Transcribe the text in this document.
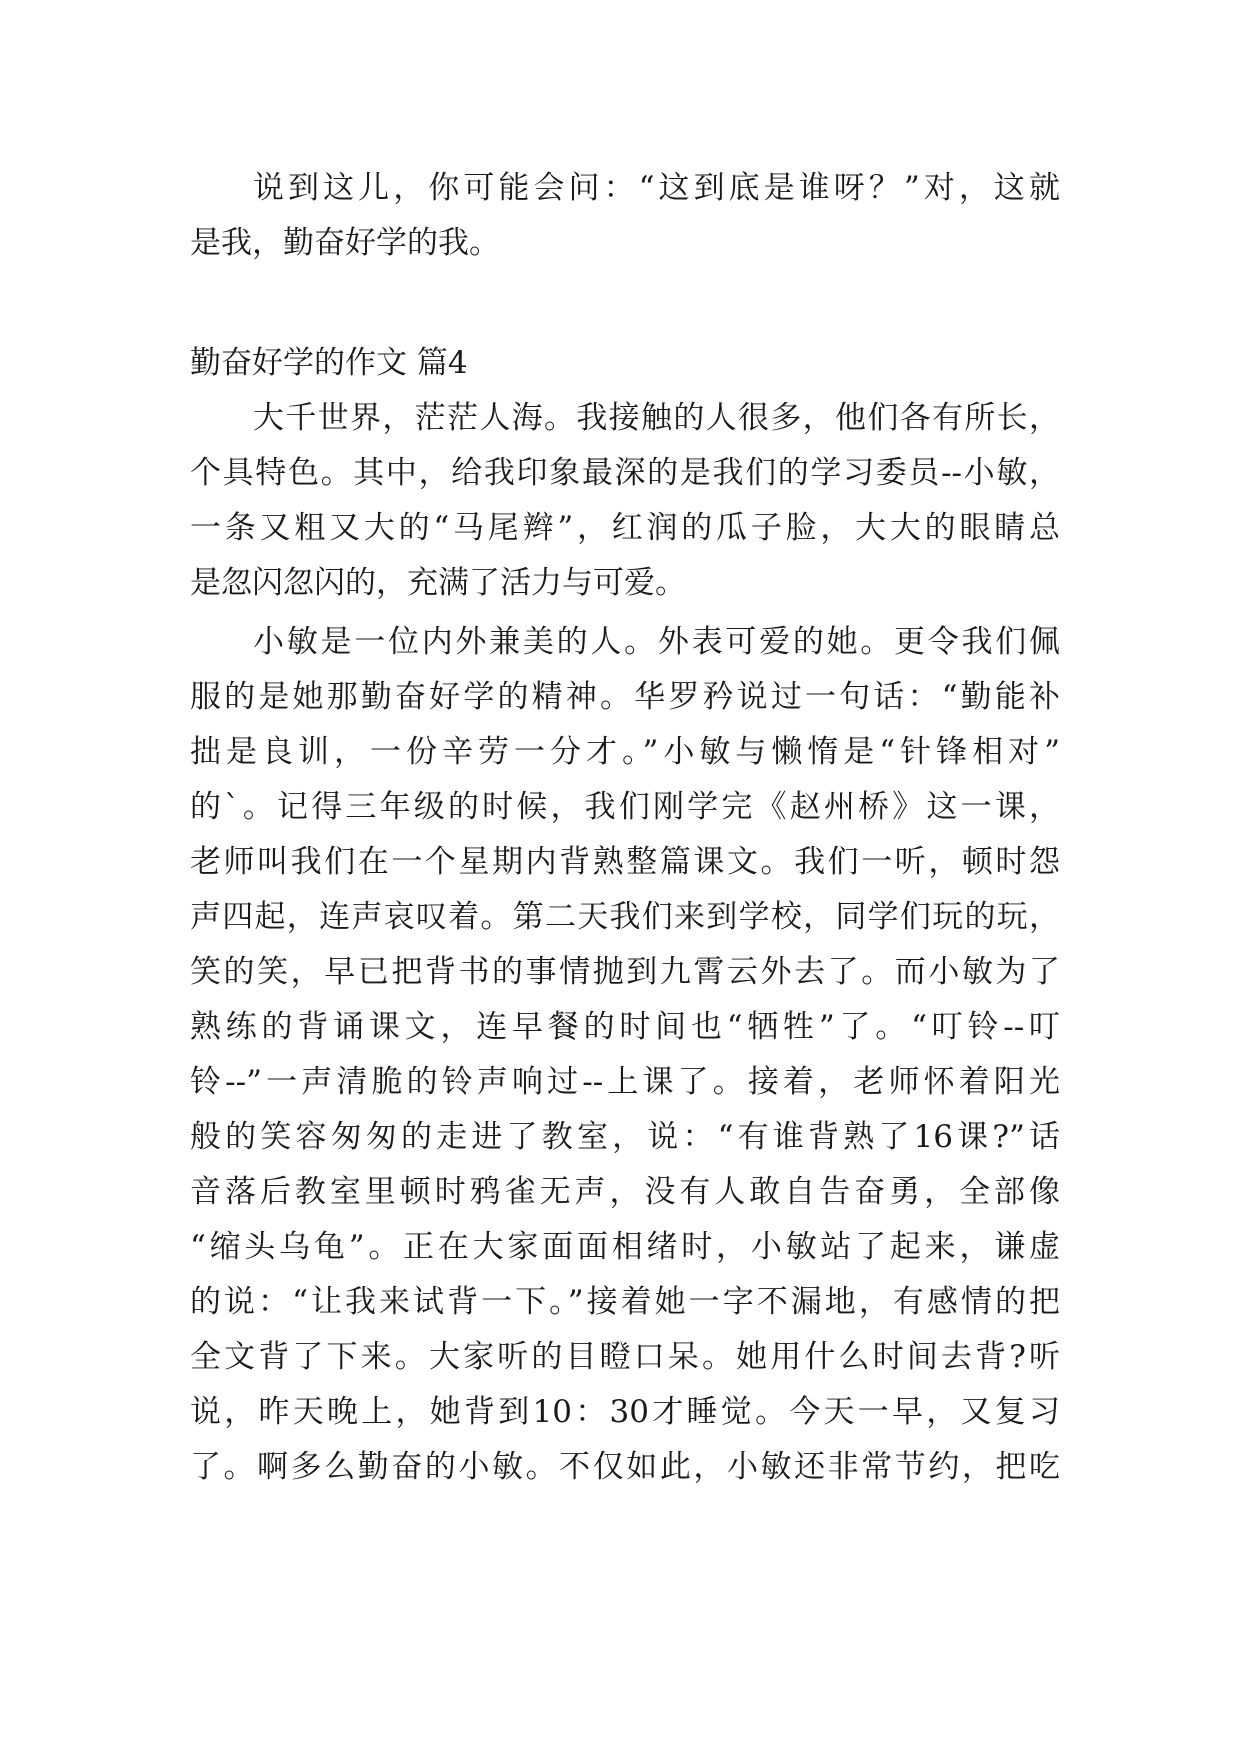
说到这儿，你可能会问：“这到底是谁呀？”对，这就
是我，勤奋好学的我。
勤奋好学的作文 篇4
大千世界，茫茫人海。我接触的人很多，他们各有所长，
个具特色。其中，给我印象最深的是我们的学习委员--小敏，
一条又粗又大的“马尾辫”，红润的瓜子脸，大大的眼睛总
是忽闪忽闪的，充满了活力与可爱。
小敏是一位内外兼美的人。外表可爱的她。更令我们佩
服的是她那勤奋好学的精神。华罗矜说过一句话：“勤能补
拙是良训，一份辛劳一分才。”小敏与懒惰是“针锋相对”
的`。记得三年级的时候，我们刚学完《赵州桥》这一课，
老师叫我们在一个星期内背熟整篇课文。我们一听，顿时怨
声四起，连声哀叹着。第二天我们来到学校，同学们玩的玩，
笑的笑，早已把背书的事情抛到九霄云外去了。而小敏为了
熟练的背诵课文，连早餐的时间也“牺牲”了。“叮铃--叮
铃--”一声清脆的铃声响过--上课了。接着，老师怀着阳光
般的笑容匆匆的走进了教室，说：“有谁背熟了16课?”话
音落后教室里顿时鸦雀无声，没有人敢自告奋勇，全部像
“缩头乌龟”。正在大家面面相绪时，小敏站了起来，谦虚
的说：“让我来试背一下。”接着她一字不漏地，有感情的把
全文背了下来。大家听的目瞪口呆。她用什么时间去背?听
说，昨天晚上，她背到10：30才睡觉。今天一早，又复习
了。啊多么勤奋的小敏。不仅如此，小敏还非常节约，把吃
